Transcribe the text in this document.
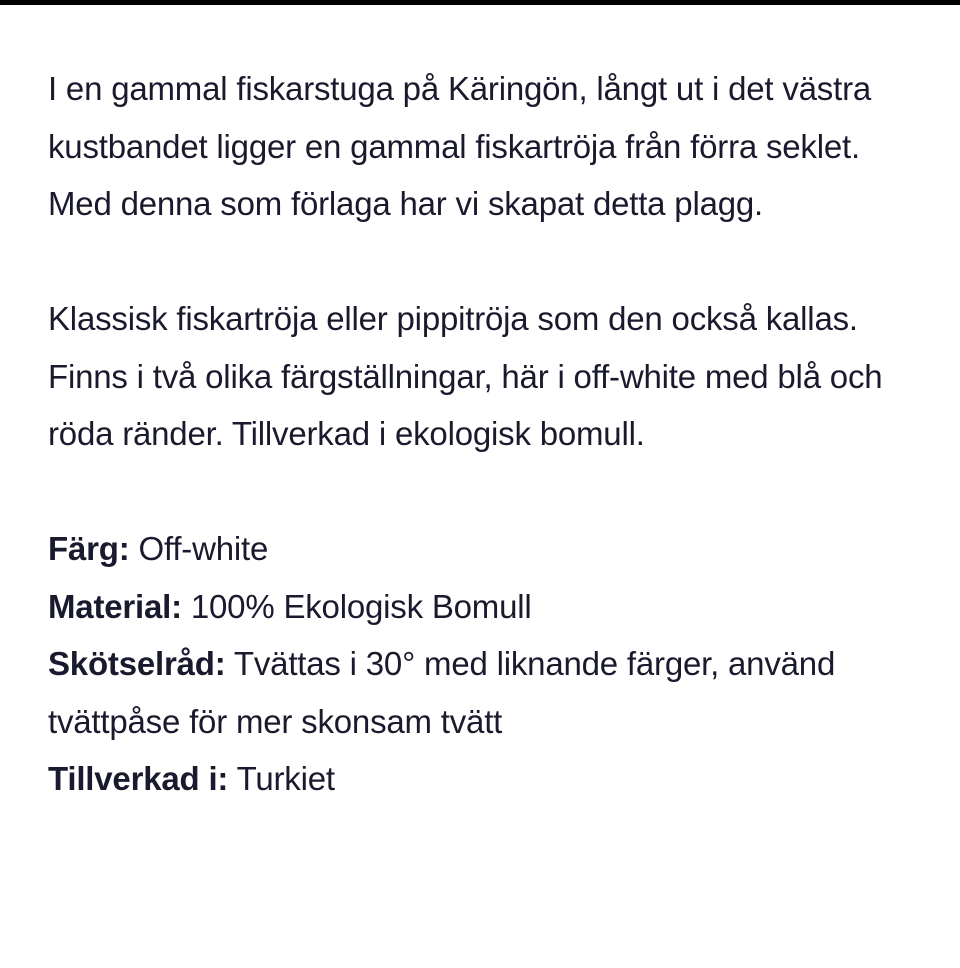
I en gammal fiskarstuga på Käringön, långt ut i det västra kustbandet ligger en gammal fiskartröja från förra seklet. Med denna som förlaga har vi skapat detta plagg.

Klassisk fiskartröja eller pippitröja som den också kallas. Finns i två olika färgställningar, här i off-white med blå och röda ränder. Tillverkad i ekologisk bomull.

Färg: Off-white

Material: 100% Ekologisk Bomull

Skötselråd: Tvättas i 30° med liknande färger, använd tvättpåse för mer skonsam tvätt

Tillverkad i: Turkiet
